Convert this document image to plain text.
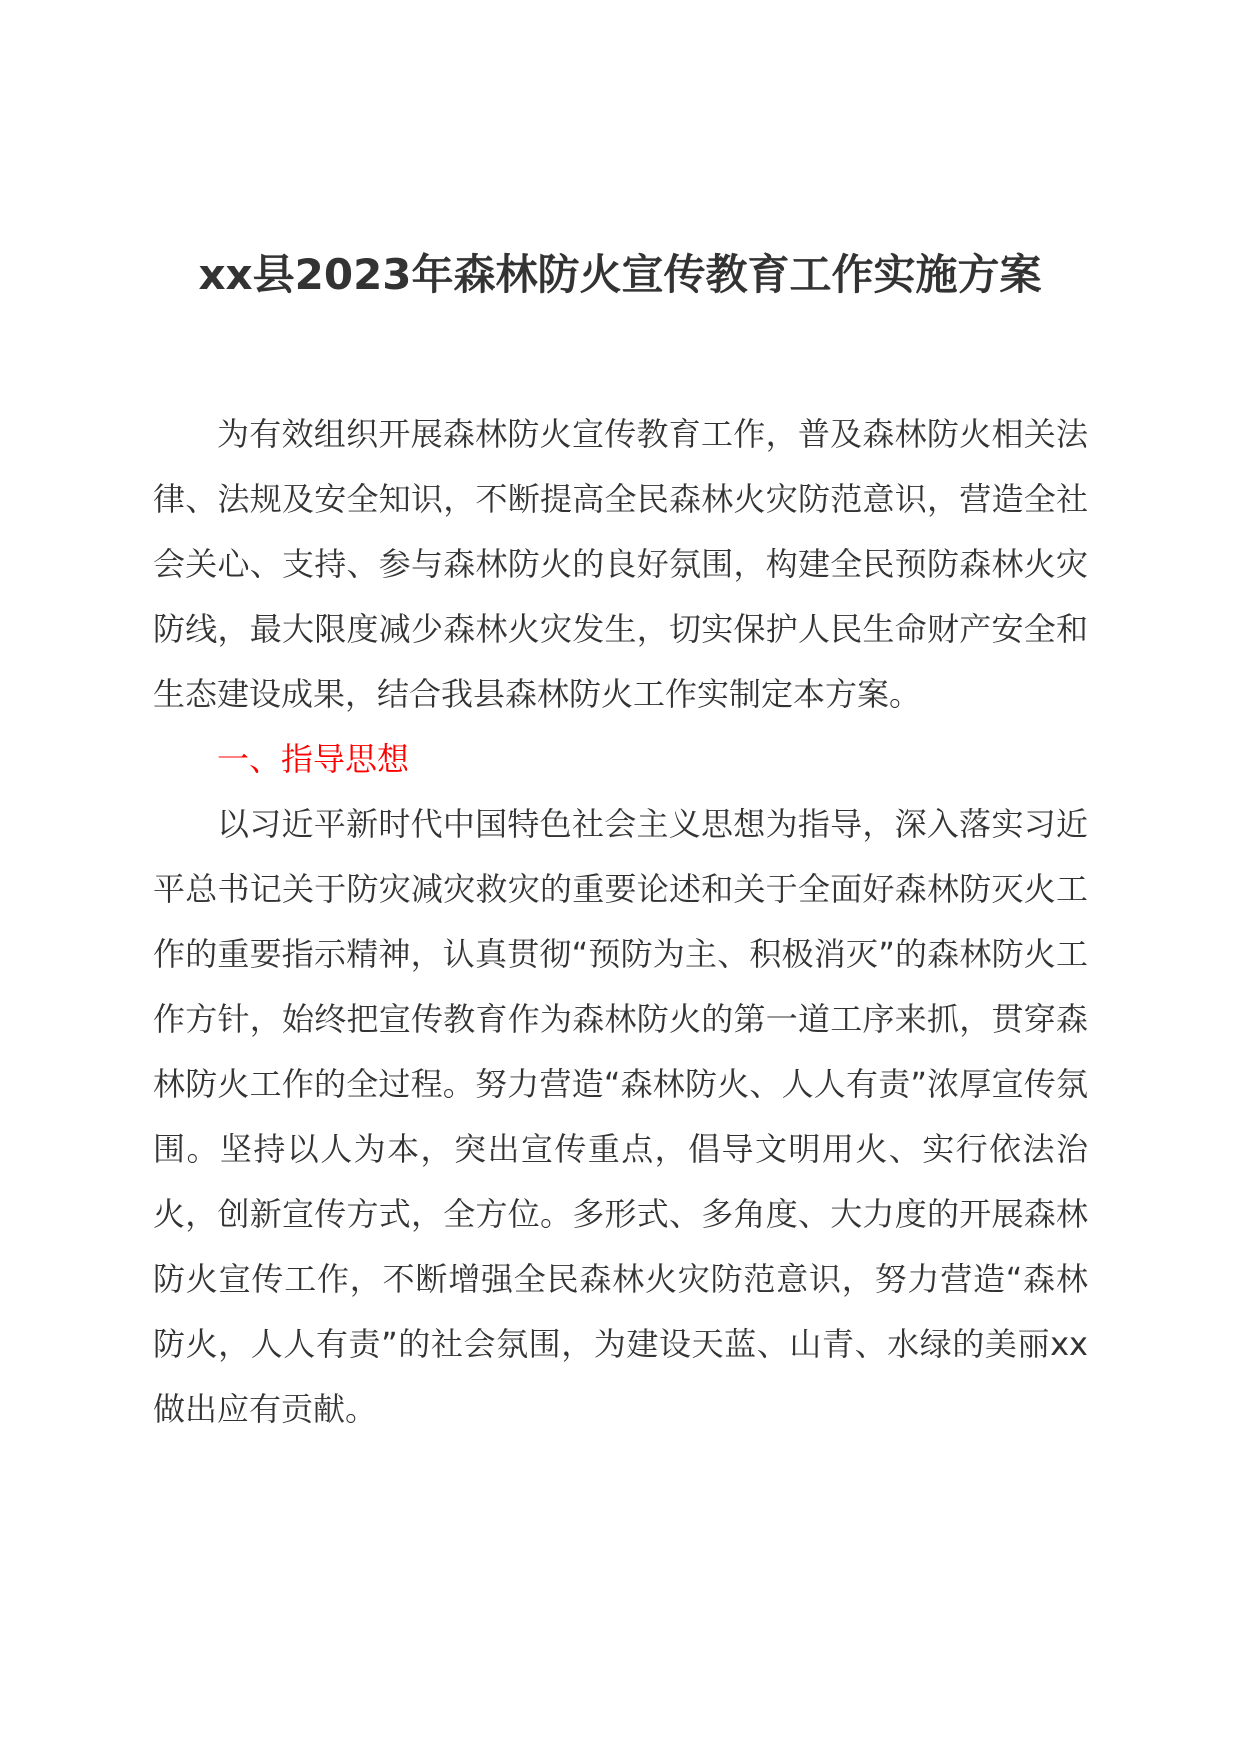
xx县2023年森林防火宣传教育工作实施方案

为有效组织开展森林防火宣传教育工作，普及森林防火相关法律、法规及安全知识，不断提高全民森林火灾防范意识，营造全社会关心、支持、参与森林防火的良好氛围，构建全民预防森林火灾防线，最大限度减少森林火灾发生，切实保护人民生命财产安全和生态建设成果，结合我县森林防火工作实制定本方案。

一、指导思想

以习近平新时代中国特色社会主义思想为指导，深入落实习近平总书记关于防灾减灾救灾的重要论述和关于全面好森林防灭火工作的重要指示精神，认真贯彻“预防为主、积极消灭”的森林防火工作方针，始终把宣传教育作为森林防火的第一道工序来抓，贯穿森林防火工作的全过程。努力营造“森林防火、人人有责”浓厚宣传氛围。坚持以人为本，突出宣传重点，倡导文明用火、实行依法治火，创新宣传方式，全方位。多形式、多角度、大力度的开展森林防火宣传工作，不断增强全民森林火灾防范意识，努力营造“森林防火，人人有责”的社会氛围，为建设天蓝、山青、水绿的美丽xx做出应有贡献。
